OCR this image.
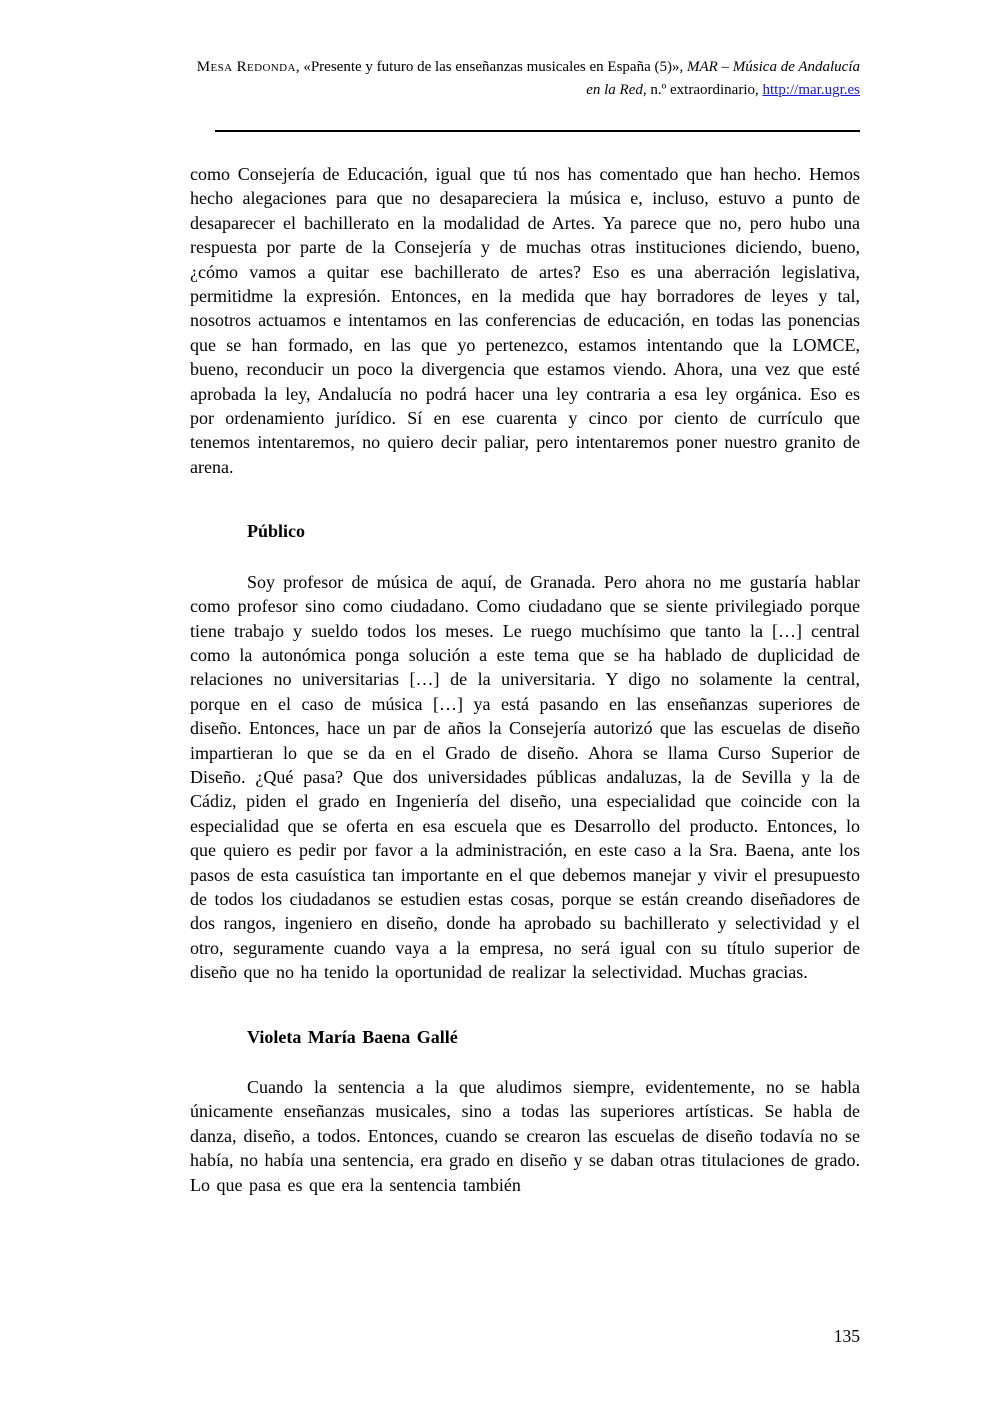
Mesa Redonda, «Presente y futuro de las enseñanzas musicales en España (5)», MAR – Música de Andalucía en la Red, n.º extraordinario, http://mar.ugr.es

como Consejería de Educación, igual que tú nos has comentado que han hecho. Hemos hecho alegaciones para que no desapareciera la música e, incluso, estuvo a punto de desaparecer el bachillerato en la modalidad de Artes. Ya parece que no, pero hubo una respuesta por parte de la Consejería y de muchas otras instituciones diciendo, bueno, ¿cómo vamos a quitar ese bachillerato de artes? Eso es una aberración legislativa, permitidme la expresión. Entonces, en la medida que hay borradores de leyes y tal, nosotros actuamos e intentamos en las conferencias de educación, en todas las ponencias que se han formado, en las que yo pertenezco, estamos intentando que la LOMCE, bueno, reconducir un poco la divergencia que estamos viendo. Ahora, una vez que esté aprobada la ley, Andalucía no podrá hacer una ley contraria a esa ley orgánica. Eso es por ordenamiento jurídico. Sí en ese cuarenta y cinco por ciento de currículo que tenemos intentaremos, no quiero decir paliar, pero intentaremos poner nuestro granito de arena.

Público

Soy profesor de música de aquí, de Granada. Pero ahora no me gustaría hablar como profesor sino como ciudadano. Como ciudadano que se siente privilegiado porque tiene trabajo y sueldo todos los meses. Le ruego muchísimo que tanto la […] central como la autonómica ponga solución a este tema que se ha hablado de duplicidad de relaciones no universitarias […] de la universitaria. Y digo no solamente la central, porque en el caso de música […] ya está pasando en las enseñanzas superiores de diseño. Entonces, hace un par de años la Consejería autorizó que las escuelas de diseño impartieran lo que se da en el Grado de diseño. Ahora se llama Curso Superior de Diseño. ¿Qué pasa? Que dos universidades públicas andaluzas, la de Sevilla y la de Cádiz, piden el grado en Ingeniería del diseño, una especialidad que coincide con la especialidad que se oferta en esa escuela que es Desarrollo del producto. Entonces, lo que quiero es pedir por favor a la administración, en este caso a la Sra. Baena, ante los pasos de esta casuística tan importante en el que debemos manejar y vivir el presupuesto de todos los ciudadanos se estudien estas cosas, porque se están creando diseñadores de dos rangos, ingeniero en diseño, donde ha aprobado su bachillerato y selectividad y el otro, seguramente cuando vaya a la empresa, no será igual con su título superior de diseño que no ha tenido la oportunidad de realizar la selectividad. Muchas gracias.

Violeta María Baena Gallé

Cuando la sentencia a la que aludimos siempre, evidentemente, no se habla únicamente enseñanzas musicales, sino a todas las superiores artísticas. Se habla de danza, diseño, a todos. Entonces, cuando se crearon las escuelas de diseño todavía no se había, no había una sentencia, era grado en diseño y se daban otras titulaciones de grado. Lo que pasa es que era la sentencia también

135
